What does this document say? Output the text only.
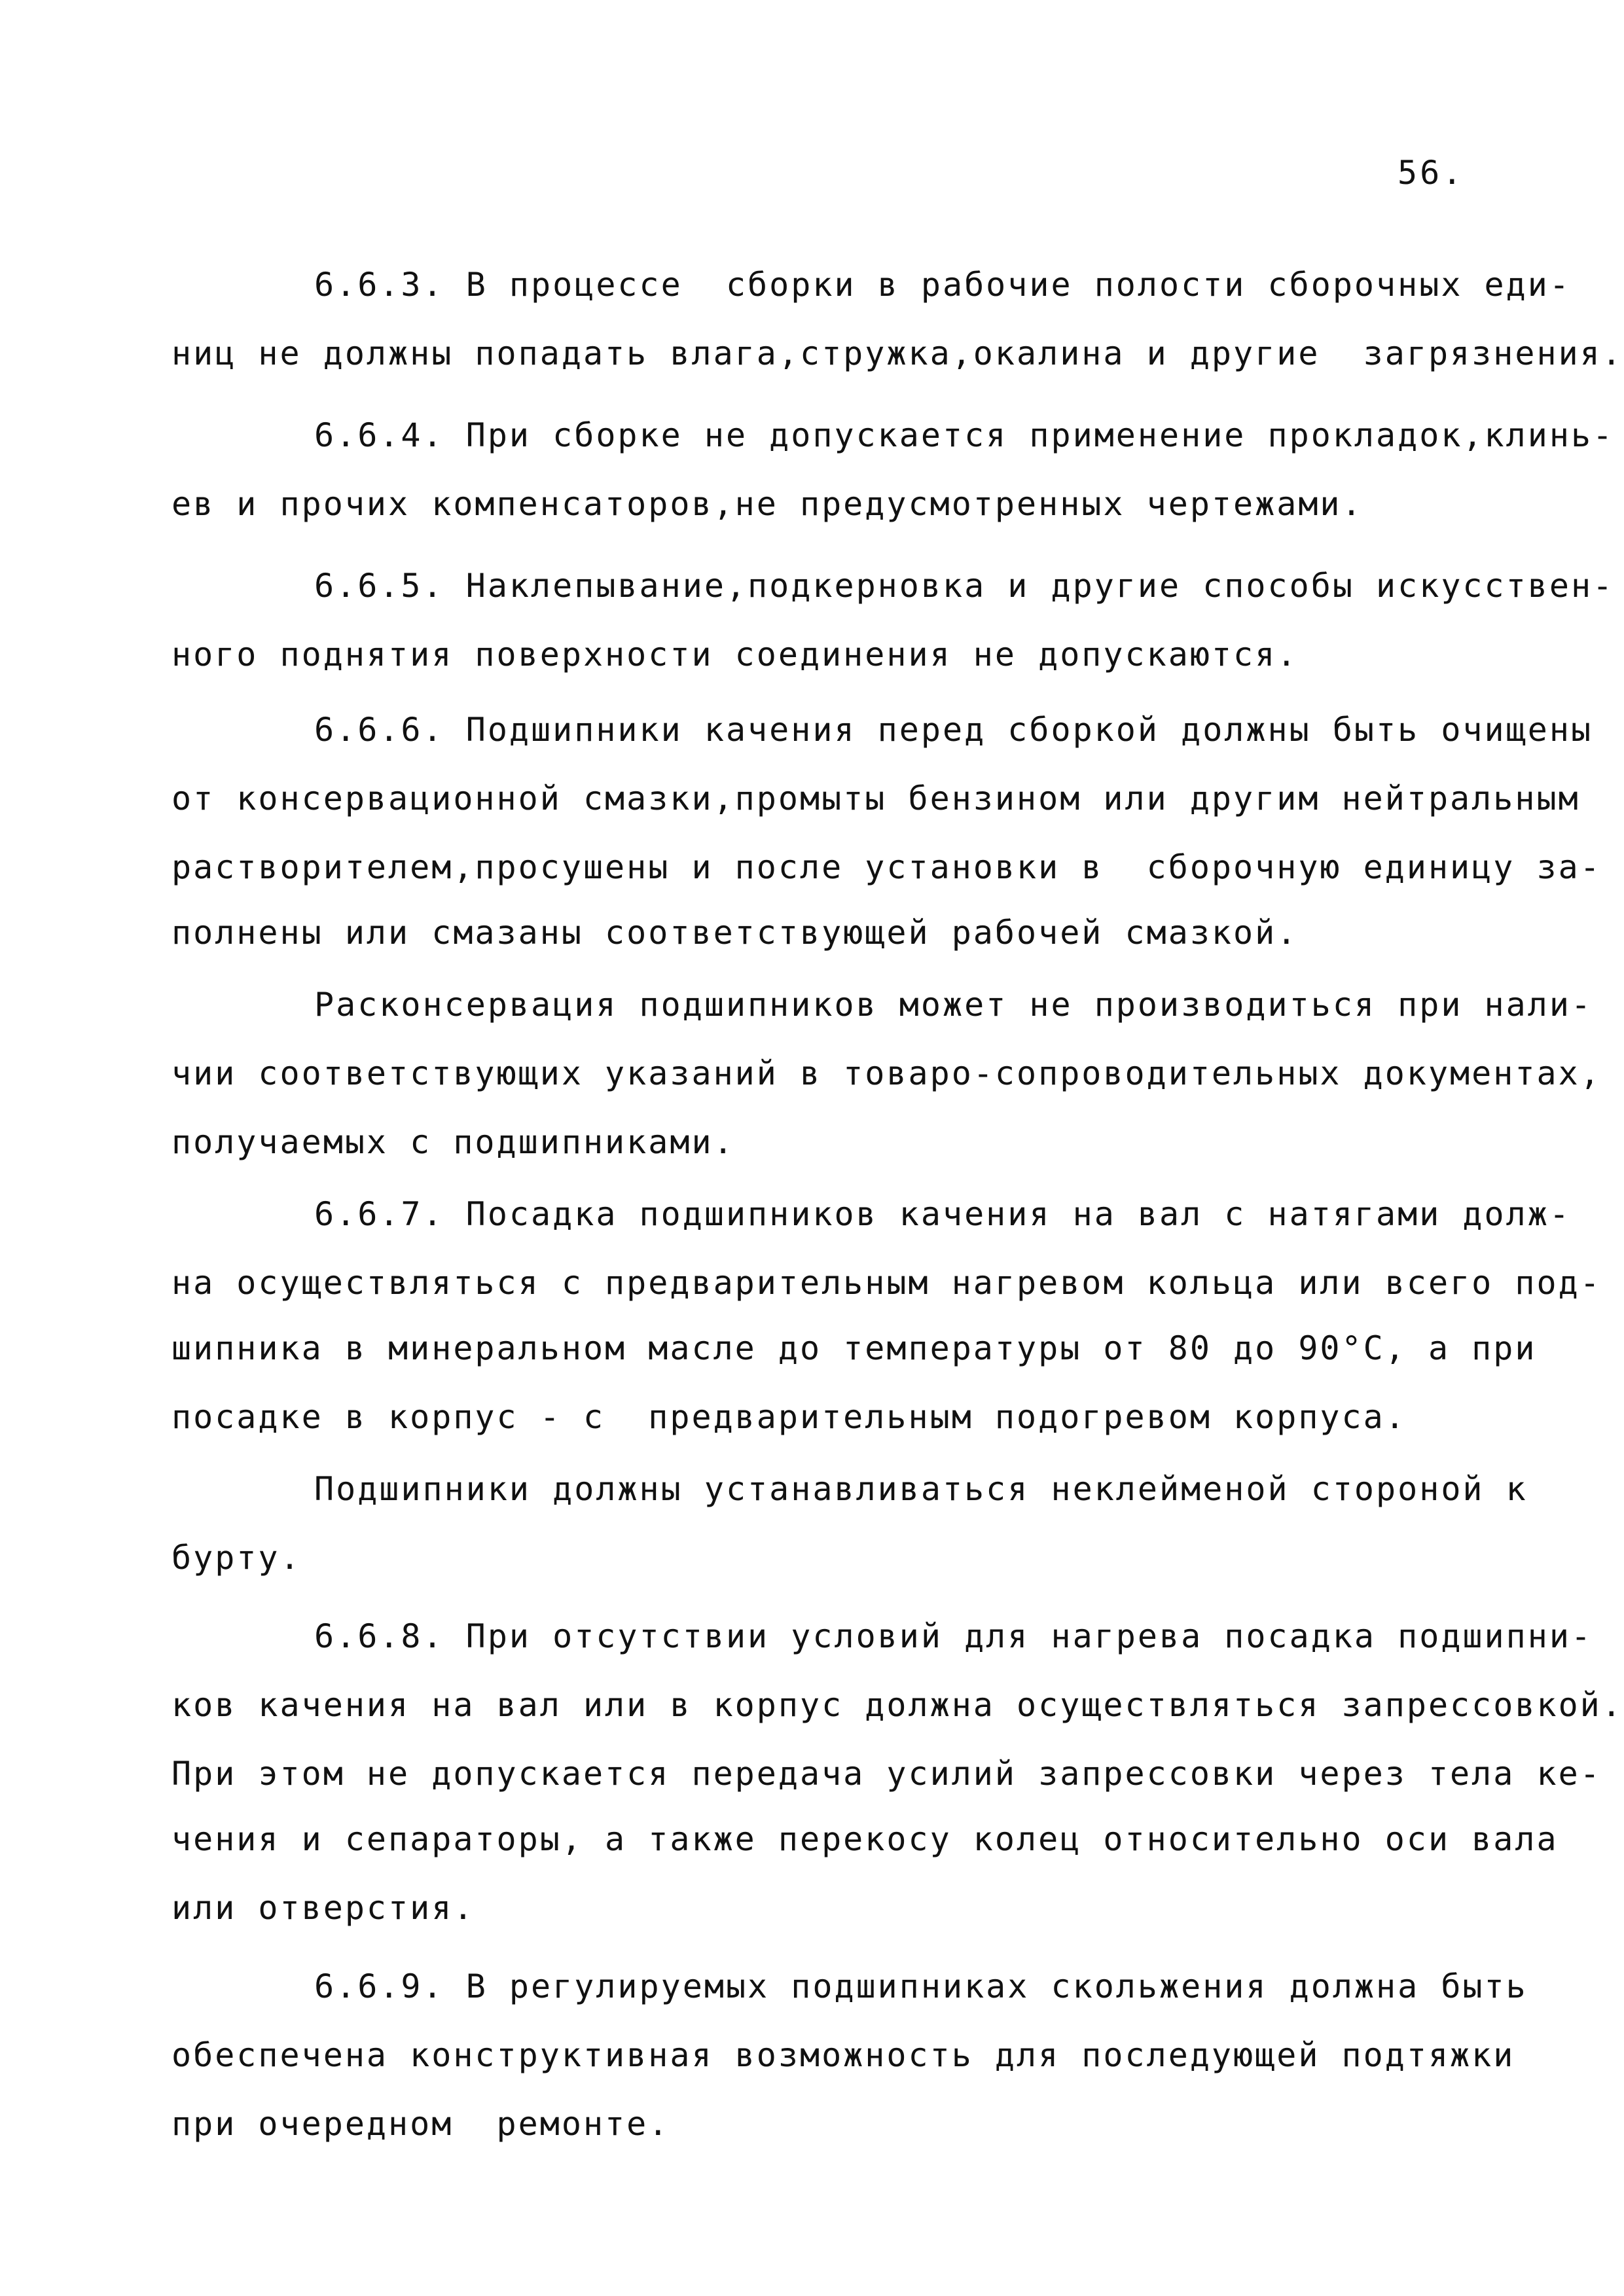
56.
6.6.3. В процессе  сборки в рабочие полости сборочных еди-
ниц не должны попадать влага,стружка,окалина и другие  загрязнения.
6.6.4. При сборке не допускается применение прокладок,клинь-
ев и прочих компенсаторов,не предусмотренных чертежами.
6.6.5. Наклепывание,подкерновка и другие способы искусствен-
ного поднятия поверхности соединения не допускаются.
6.6.6. Подшипники качения перед сборкой должны быть очищены
от консервационной смазки,промыты бензином или другим нейтральным
растворителем,просушены и после установки в  сборочную единицу за-
полнены или смазаны соответствующей рабочей смазкой.
Расконсервация подшипников может не производиться при нали-
чии соответствующих указаний в товаро-сопроводительных документах,
получаемых с подшипниками.
6.6.7. Посадка подшипников качения на вал с натягами долж-
на осуществляться с предварительным нагревом кольца или всего под-
шипника в минеральном масле до температуры от 80 до 90°С, а при
посадке в корпус - с  предварительным подогревом корпуса.
Подшипники должны устанавливаться неклейменой стороной к
бурту.
6.6.8. При отсутствии условий для нагрева посадка подшипни-
ков качения на вал или в корпус должна осуществляться запрессовкой.
При этом не допускается передача усилий запрессовки через тела ке-
чения и сепараторы, а также перекосу колец относительно оси вала
или отверстия.
6.6.9. В регулируемых подшипниках скольжения должна быть
обеспечена конструктивная возможность для последующей подтяжки
при очередном  ремонте.
